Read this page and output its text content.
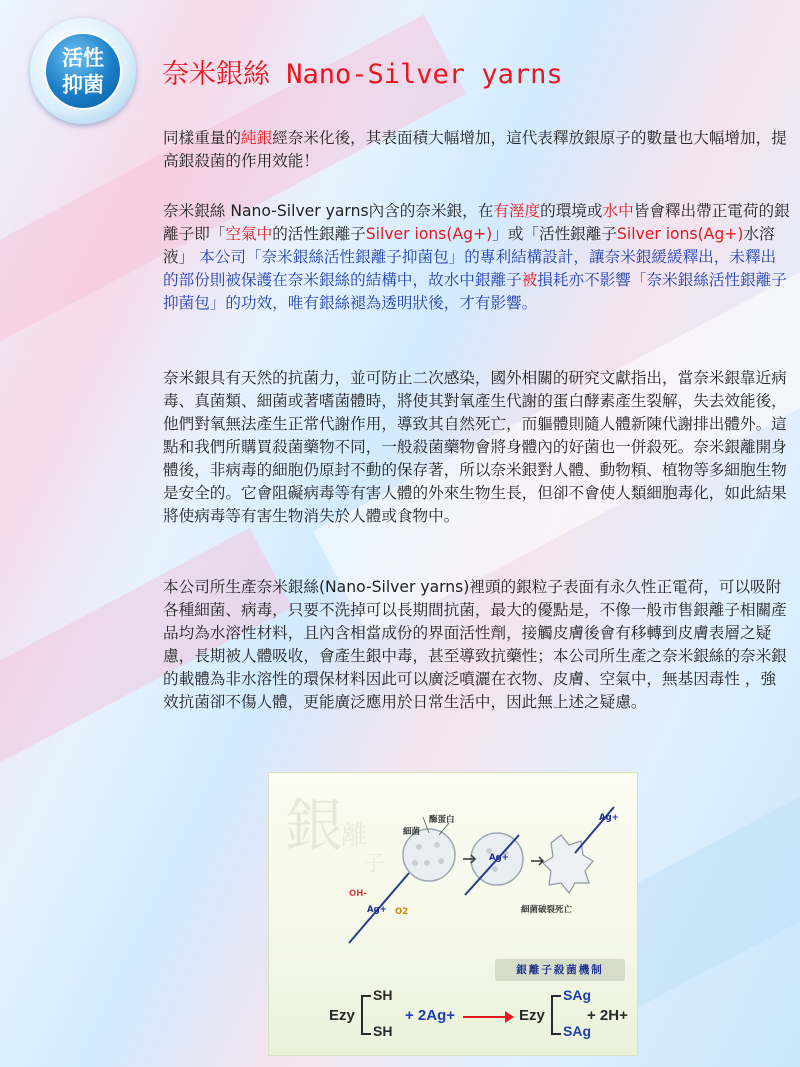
活性
抑菌	奈米銀絲 Nano-Silver yarns
同樣重量的純銀經奈米化後，其表面積大幅增加，這代表釋放銀原子的數量也大幅增加，提高銀殺菌的作用效能！
奈米銀絲 Nano-Silver yarns內含的奈米銀，在有溼度的環境或水中皆會釋出帶正電荷的銀離子即「空氣中的活性銀離子Silver ions(Ag+)」或「活性銀離子Silver ions(Ag+)水溶液」 本公司「奈米銀絲活性銀離子抑菌包」的專利結構設計，讓奈米銀緩緩釋出，未釋出的部份則被保護在奈米銀絲的結構中，故水中銀離子被損耗亦不影響「奈米銀絲活性銀離子抑菌包」的功效，唯有銀絲褪為透明狀後，才有影響。
奈米銀具有天然的抗菌力，並可防止二次感染，國外相關的研究文獻指出，當奈米銀靠近病毒、真菌類、細菌或著嗜菌體時，將使其對氧產生代謝的蛋白酵素產生裂解，失去效能後，他們對氧無法產生正常代謝作用，導致其自然死亡，而軀體則隨人體新陳代謝排出體外。這點和我們所購買殺菌藥物不同，一般殺菌藥物會將身體內的好菌也一併殺死。奈米銀離開身體後，非病毒的細胞仍原封不動的保存著，所以奈米銀對人體、動物頪、植物等多細胞生物是安全的。它會阻礙病毒等有害人體的外來生物生長，但卻不會使人類細胞毒化，如此結果將使病毒等有害生物消失於人體或食物中。
本公司所生產奈米銀絲(Nano-Silver yarns)裡頭的銀粒子表面有永久性正電荷，可以吸附各種細菌、病毒，只要不洗掉可以長期間抗菌，最大的優點是，不像一般市售銀離子相關產品均為水溶性材料，且內含相當成份的界面活性劑，接觸皮膚後會有移轉到皮膚表層之疑慮，長期被人體吸收，會產生銀中毒，甚至導致抗藥性；本公司所生產之奈米銀絲的奈米銀的載體為非水溶性的環保材料因此可以廣泛噴灑在衣物、皮膚、空氣中，無基因毒性 ，強效抗菌卻不傷人體，更能廣泛應用於日常生活中，因此無上述之疑慮。
銀
離
子
酶蛋白
細菌
Ag+
OH-
O2
Ag+
Ag+
細菌破裂死亡
銀離子殺菌機制
Ezy
SH
SH
+ 2Ag+	Ezy
SAg
SAg
+ 2H+
